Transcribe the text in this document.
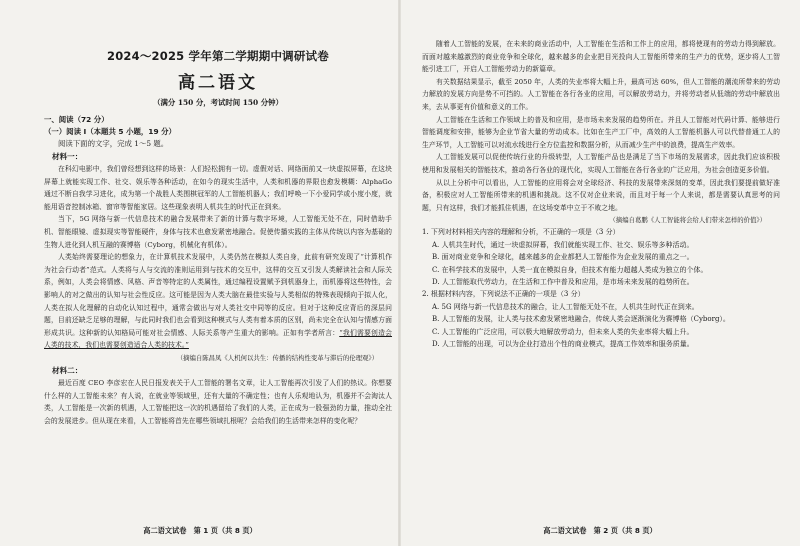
2024～2025 学年第二学期期中调研试卷
高二语文
（满分 150 分，考试时间 150 分钟）
一、阅读（72 分）
（一）阅读 I（本题共 5 小题，19 分）
阅读下面的文字，完成 1～5 题。
材料一：

在科幻电影中，我们曾经想到这样的场景：人们轻松拥有一切。虚假对话、网络面前又一块虚拟屏幕，在这块屏幕上就能实现工作、社交、娱乐等各种活动，在如今的现实生活中，人类和机器的界限也愈发模糊：AlphaGo 通过不断自我学习进化，成为第一个战胜人类围棋冠军的人工智能机器人；我们呼唤一下小爱同学或小度小度，就能用语音控制冰箱、窗帘等智能家居。这些现象表明人机共生的时代正在到来。

当下，5G 网络与新一代信息技术的融合发展带来了新的计算与数字环境，人工智能无处不在，同时借助手机、智能眼镜、虚拟现实等智能硬件，身体与技术也愈发紧密地融合。促使传播实践的主体从传统以内容为基础的生物人进化到人机互融的赛博格（Cyborg，机械化有机体）。

人类始终需要理论的想象力，在计算机技术发展中，人类仍然在模拟人类自身，此前有研究发现了“计算机作为社会行动者”范式。人类将与人与交流的准则运用到与技术的交互中，这样的交互又引发人类解读社会和人际关系，例如，人类会将情感、风格、声音等特定的人类属性，通过编程设置赋予到机器身上，而机器将这些特性，会影响人的对之做出的认知与社会性反应。这可能是因为人类大脑在最佳实验与人类相似的特殊表现倾向于拟人化，人类在拟人化理解的自动化认知过程中，通常会做出与对人类社交中同等的反应。但对于这种反应背后的深层问题，目前还缺乏足够的理解，与此同时我们也会看到这种模式与人类有着本质的区别，尚未完全在认知与情感方面形成共识。这种新的认知格局可能对社会情感、人际关系等产生重大的影响。正如有学者所言：“我们需要创造会人类的技术，我们也需要创造适合人类的技术。”

（摘编自陈昌凤《人机何以共生：传播的结构性变革与滞后的伦理观》）
材料二：

最近百度 CEO 李彦宏在人民日报发表关于人工智能的署名文章，让人工智能再次引发了人们的热议。你想要什么样的人工智能未来？有人说，在就业等领域里，还有大量的不确定性；也有人乐观地认为，机器并不会淘汰人类，人工智能是一次新的机遇，人工智能把这一次的机遇留给了我们的人类，正在成为一股强劲的力量，推动全社会的发展进步。但从现在来看，人工智能将首先在哪些领域扎根呢？会给我们的生活带来怎样的变化呢？

高二语文试卷　第 1 页（共 8 页）

随着人工智能的发展，在未来的商业活动中，人工智能在生活和工作上的应用，都将使现有的劳动力得到解放。而面对越来越激烈的商业竞争和全球化，越来越多的企业把目光投向人工智能所带来的生产力的优势，逐步将人工智能引进工厂，开启人工智能劳动力的新篇章。

有关数据结果显示，截至 2050 年，人类的失业率将大幅上升，最高可达 60%，但人工智能的潮流所带来的劳动力解放的发展方向是势不可挡的。人工智能在各行各业的应用，可以解放劳动力，并将劳动者从低端的劳动中解放出来，去从事更有价值和意义的工作。

人工智能在生活和工作领域上的普及和应用，是市场未来发展的趋势所在。并且人工智能对代码计算、能够进行智能调度和安排，能够为企业节省大量的劳动成本。比如在生产工厂中，高效的人工智能机器人可以代替普通工人的生产环节，人工智能可以对流水线进行全方位监控和数据分析，从而减少生产中的浪费，提高生产效率。

人工智能发展可以促使传统行业的升级转型，人工智能产品也是满足了当下市场的发展需求，因此我们应该积极使用和发展相关的智能技术，推动各行各业的现代化，实现人工智能在各行各业的广泛应用，为社会创造更多价值。

从以上分析中可以看出，人工智能的应用将会对全球经济、科技的发展带来深刻的变革，因此我们要提前做好准备，积极应对人工智能所带来的机遇和挑战。这不仅对企业来说，而且对于每一个人来说，都是需要认真思考的问题，只有这样，我们才能抓住机遇，在这场变革中立于不败之地。

（摘编自葛鹏《人工智能将会给人们带来怎样的价值》）

1. 下列对材料相关内容的理解和分析，不正确的一项是（3 分）

A. 人机共生时代，通过一块虚拟屏幕，我们就能实现工作、社交、娱乐等多种活动。

B. 面对商业竞争和全球化，越来越多的企业都把人工智能作为企业发展的重点之一。

C. 在科学技术的发展中，人类一直在模拟自身，但技术有能力超越人类成为独立的个体。

D. 人工智能取代劳动力，在生活和工作中普及和应用，是市场未来发展的趋势所在。

2. 根据材料内容，下列说法不正确的一项是（3 分）

A. 5G 网络与新一代信息技术的融合，让人工智能无处不在，人机共生时代正在到来。

B. 人工智能的发展，让人类与技术愈发紧密地融合，传统人类会逐渐演化为赛博格（Cyborg）。

C. 人工智能的广泛应用，可以极大地解放劳动力，但未来人类的失业率将大幅上升。

D. 人工智能的出现，可以为企业打造出个性的商业模式，提高工作效率和服务质量。

高二语文试卷　第 2 页（共 8 页）
